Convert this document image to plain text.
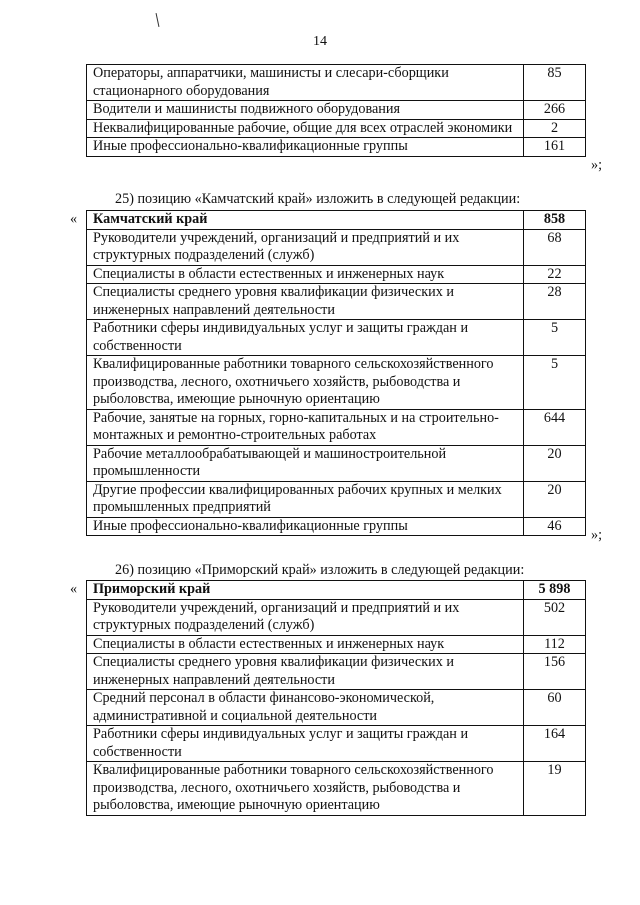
14
Операторы, аппаратчики, машинисты и слесари-сборщики стационарного оборудования	85
Водители и машинисты подвижного оборудования	266
Неквалифицированные рабочие, общие для всех отраслей экономики	2
Иные профессионально-квалификационные группы	161
»;
25) позицию «Камчатский край» изложить в следующей редакции:
« Камчатский край	858
Руководители учреждений, организаций и предприятий и их структурных подразделений (служб)	68
Специалисты в области естественных и инженерных наук	22
Специалисты среднего уровня квалификации физических и инженерных направлений деятельности	28
Работники сферы индивидуальных услуг и защиты граждан и собственности	5
Квалифицированные работники товарного сельскохозяйственного производства, лесного, охотничьего хозяйств, рыбоводства и рыболовства, имеющие рыночную ориентацию	5
Рабочие, занятые на горных, горно-капитальных и на строительно-монтажных и ремонтно-строительных работах	644
Рабочие металлообрабатывающей и машиностроительной промышленности	20
Другие профессии квалифицированных рабочих крупных и мелких промышленных предприятий	20
Иные профессионально-квалификационные группы	46
»;
26) позицию «Приморский край» изложить в следующей редакции:
« Приморский край	5 898
Руководители учреждений, организаций и предприятий и их структурных подразделений (служб)	502
Специалисты в области естественных и инженерных наук	112
Специалисты среднего уровня квалификации физических и инженерных направлений деятельности	156
Средний персонал в области финансово-экономической, административной и социальной деятельности	60
Работники сферы индивидуальных услуг и защиты граждан и собственности	164
Квалифицированные работники товарного сельскохозяйственного производства, лесного, охотничьего хозяйств, рыбоводства и рыболовства, имеющие рыночную ориентацию	19
